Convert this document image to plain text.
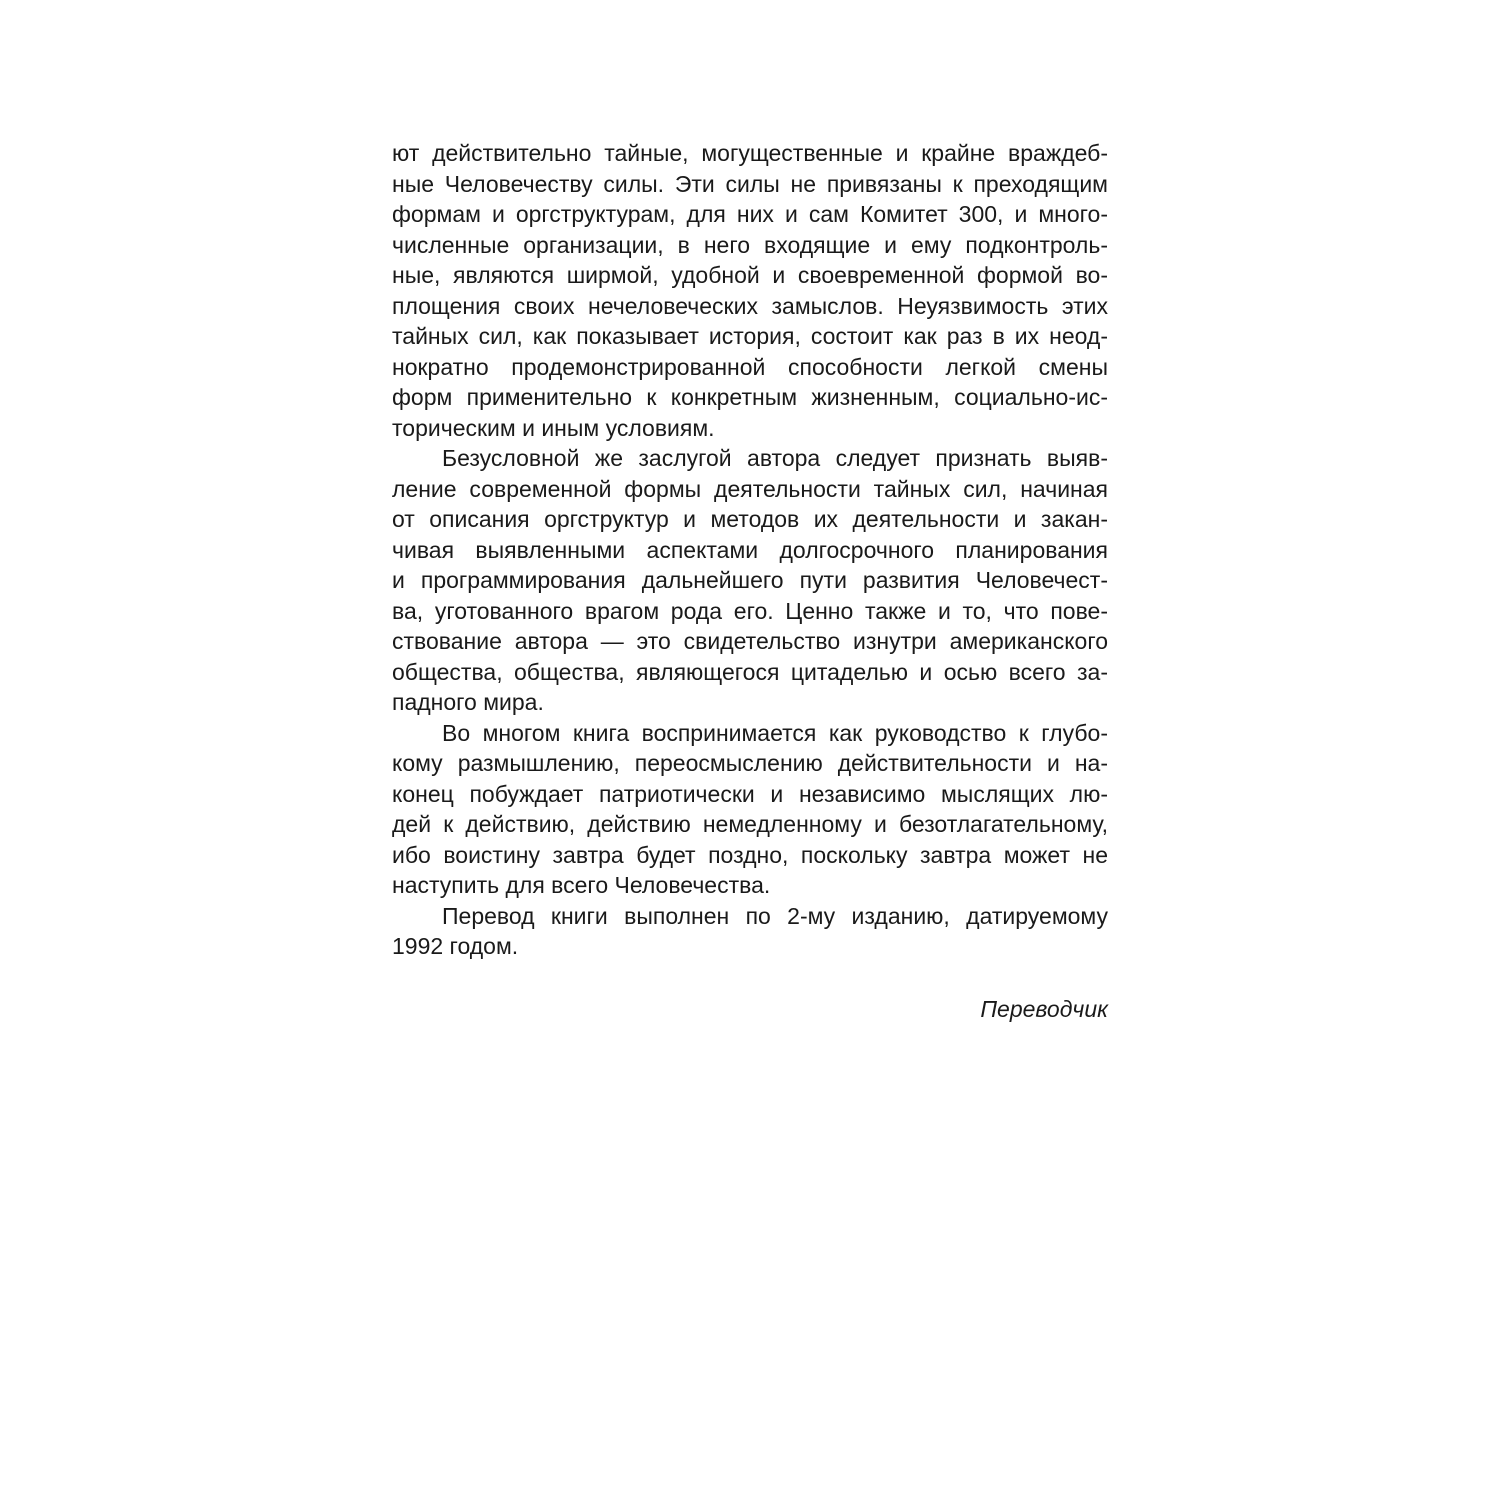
ют действительно тайные, могущественные и крайне враждеб-
ные Человечеству силы. Эти силы не привязаны к преходящим
формам и оргструктурам, для них и сам Комитет 300, и много-
численные организации, в него входящие и ему подконтроль-
ные, являются ширмой, удобной и своевременной формой во-
площения своих нечеловеческих замыслов. Неуязвимость этих
тайных сил, как показывает история, состоит как раз в их неод-
нократно продемонстрированной способности легкой смены
форм применительно к конкретным жизненным, социально-ис-
торическим и иным условиям.
Безусловной же заслугой автора следует признать выяв-
ление современной формы деятельности тайных сил, начиная
от описания оргструктур и методов их деятельности и закан-
чивая выявленными аспектами долгосрочного планирования
и программирования дальнейшего пути развития Человечест-
ва, уготованного врагом рода его. Ценно также и то, что пове-
ствование автора — это свидетельство изнутри американского
общества, общества, являющегося цитаделью и осью всего за-
падного мира.
Во многом книга воспринимается как руководство к глубо-
кому размышлению, переосмыслению действительности и на-
конец побуждает патриотически и независимо мыслящих лю-
дей к действию, действию немедленному и безотлагательному,
ибо воистину завтра будет поздно, поскольку завтра может не
наступить для всего Человечества.
Перевод книги выполнен по 2-му изданию, датируемому
1992 годом.
Переводчик
